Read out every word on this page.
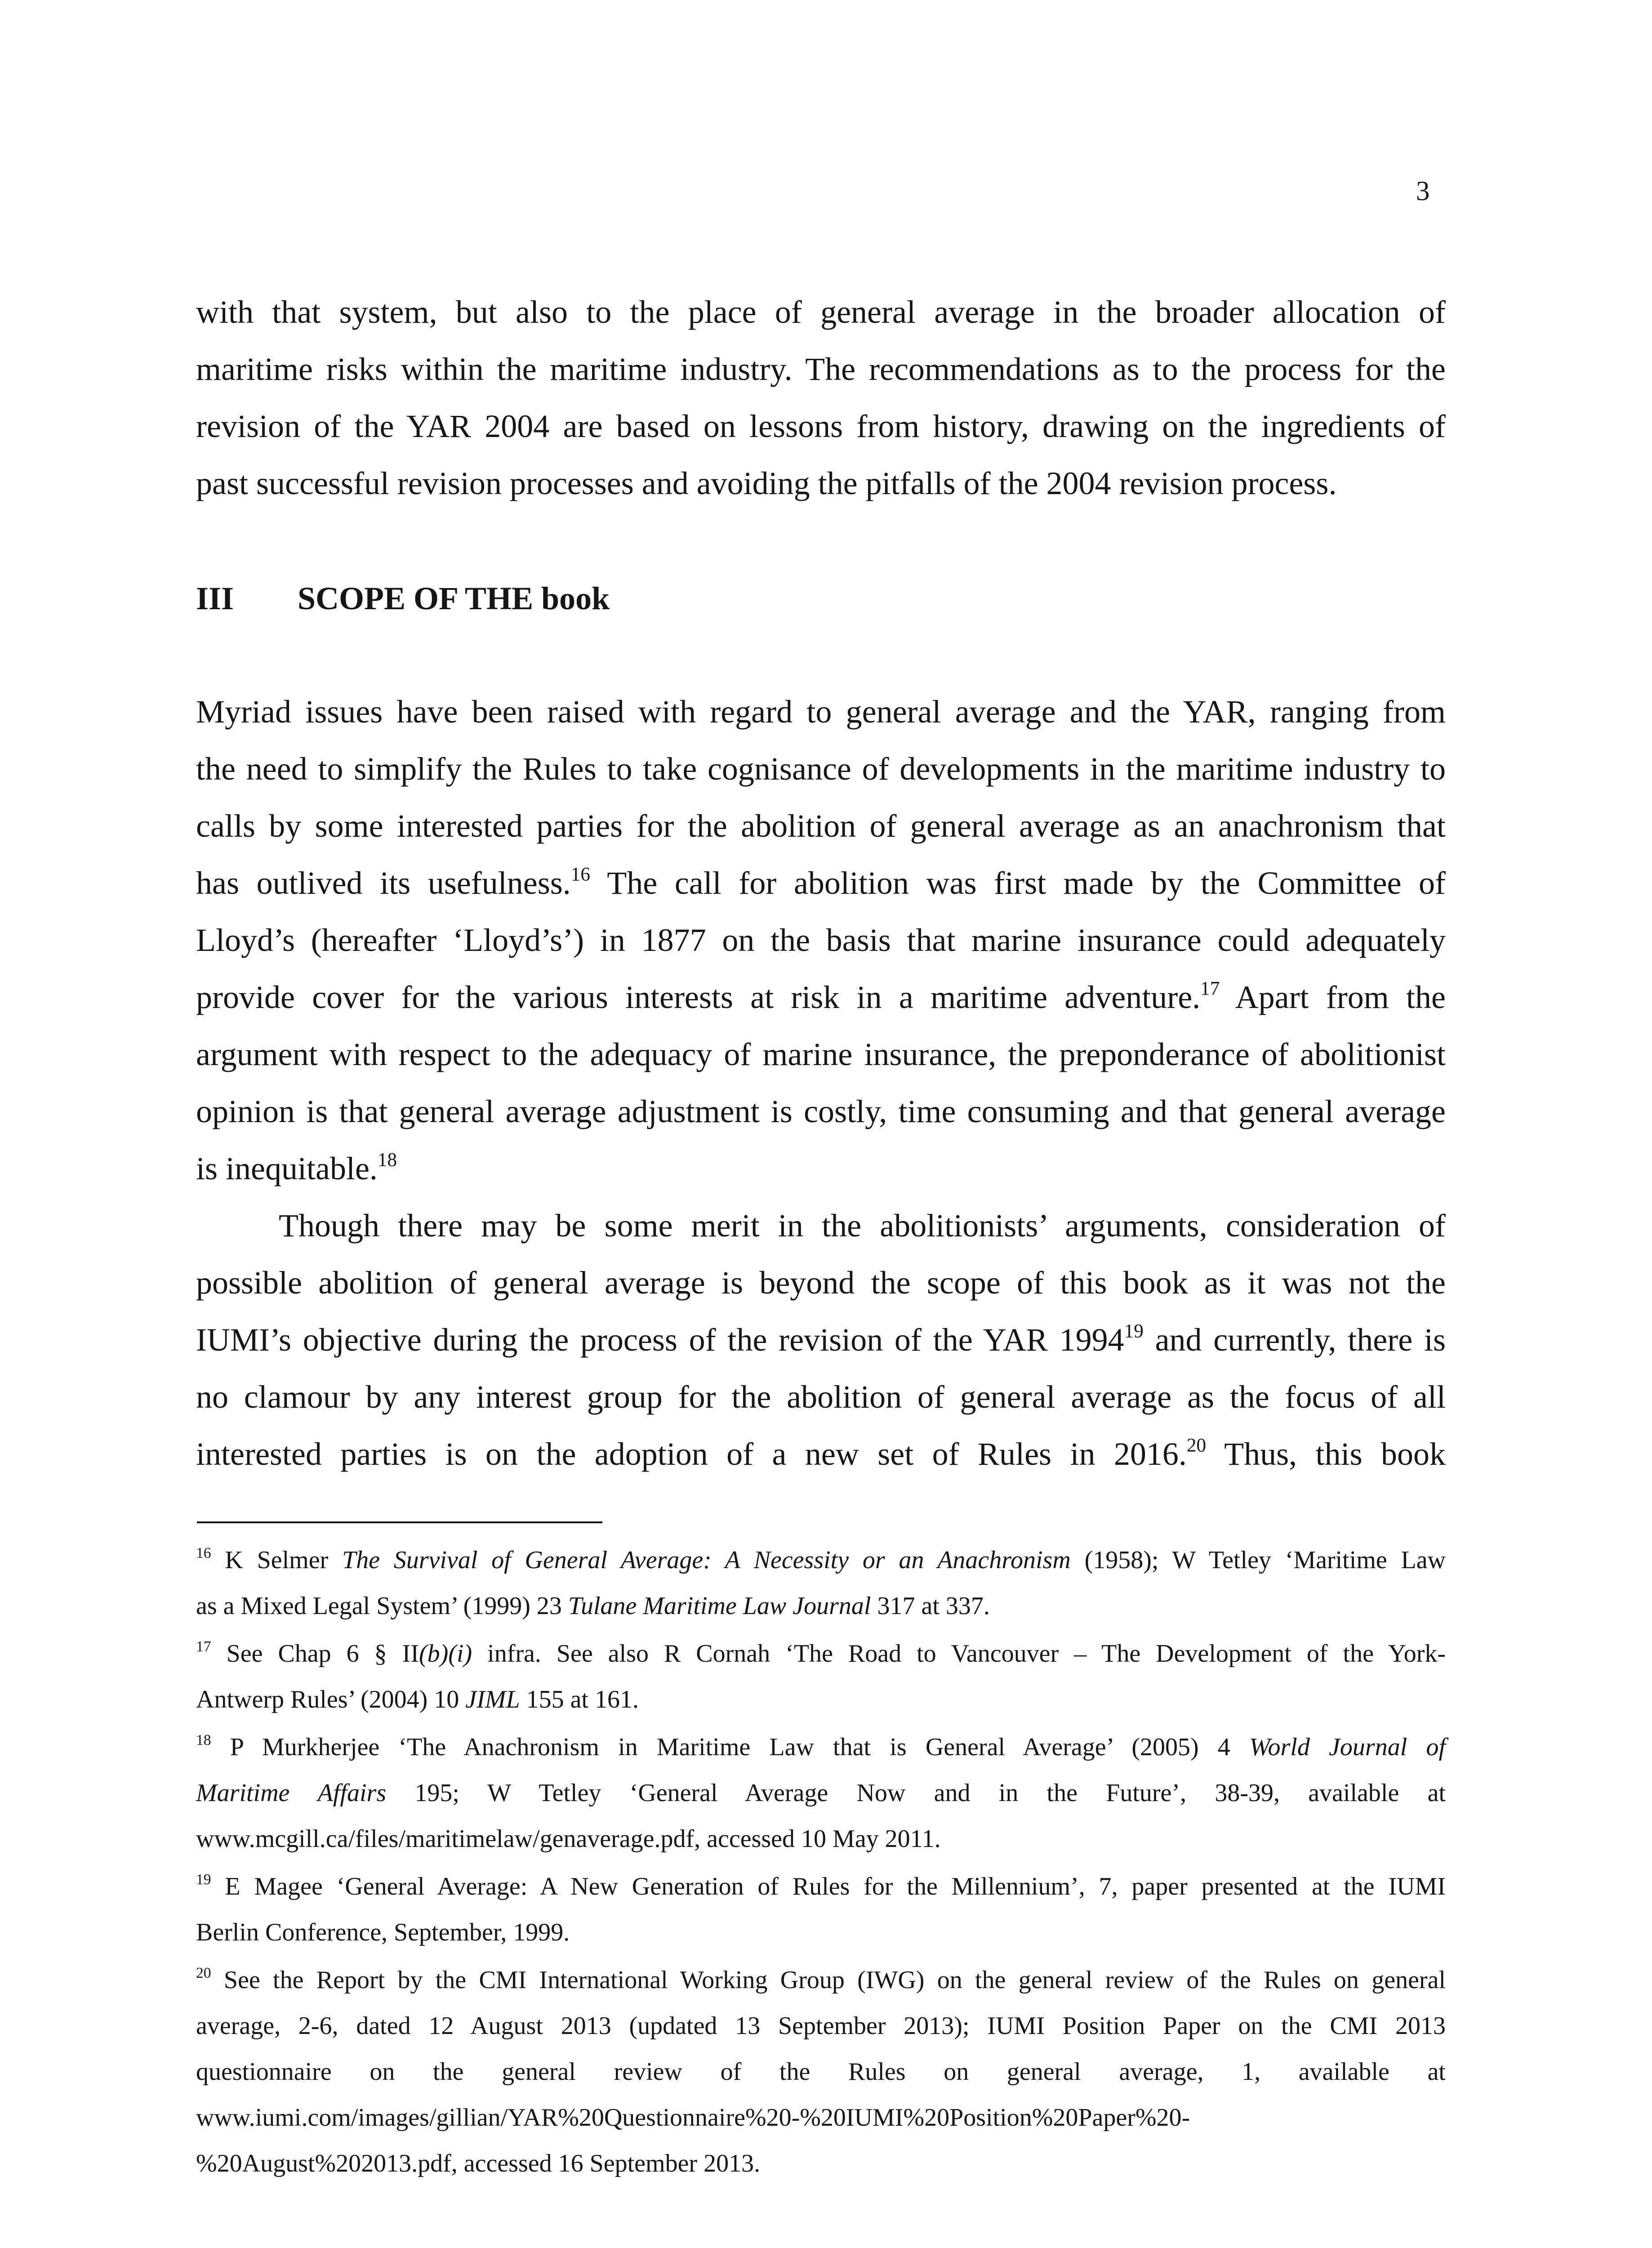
3
with that system, but also to the place of general average in the broader allocation of
maritime risks within the maritime industry. The recommendations as to the process for the
revision of the YAR 2004 are based on lessons from history, drawing on the ingredients of
past successful revision processes and avoiding the pitfalls of the 2004 revision process.
III SCOPE OF THE book
Myriad issues have been raised with regard to general average and the YAR, ranging from
the need to simplify the Rules to take cognisance of developments in the maritime industry to
calls by some interested parties for the abolition of general average as an anachronism that
has outlived its usefulness.$^{16}$ The call for abolition was first made by the Committee of
Lloyd’s (hereafter ‘Lloyd’s’) in 1877 on the basis that marine insurance could adequately
provide cover for the various interests at risk in a maritime adventure.$^{17}$ Apart from the
argument with respect to the adequacy of marine insurance, the preponderance of abolitionist
opinion is that general average adjustment is costly, time consuming and that general average
is inequitable.$^{18}$
Though there may be some merit in the abolitionists’ arguments, consideration of
possible abolition of general average is beyond the scope of this book as it was not the
IUMI’s objective during the process of the revision of the YAR 1994$^{19}$ and currently, there is
no clamour by any interest group for the abolition of general average as the focus of all
interested parties is on the adoption of a new set of Rules in 2016.20 Thus, this book
$^{16}$ K Selmer The Survival of General Average: A Necessity or an Anachronism (1958); W Tetley ‘Maritime Law
as a Mixed Legal System’ (1999) 23 Tulane Maritime Law Journal 317 at 337.
$^{17}$ See Chap 6 § II(b)(i) infra. See also R Cornah ‘The Road to Vancouver – The Development of the York-
Antwerp Rules’ (2004) 10 JIML 155 at 161.
$^{18}$ P Murkherjee ‘The Anachronism in Maritime Law that is General Average’ (2005) 4 World Journal of
Maritime Affairs 195; W Tetley ‘General Average Now and in the Future’, 38-39, available at
www.mcgill.ca/files/maritimelaw/genaverage.pdf, accessed 10 May 2011.
$^{19}$ E Magee ‘General Average: A New Generation of Rules for the Millennium’, 7, paper presented at the IUMI
Berlin Conference, September, 1999.
$^{20}$ See the Report by the CMI International Working Group (IWG) on the general review of the Rules on general
average, 2-6, dated 12 August 2013 (updated 13 September 2013); IUMI Position Paper on the CMI 2013
questionnaire on the general review of the Rules on general average, 1, available at
www.iumi.com/images/gillian/YAR%20Questionnaire%20-%20IUMI%20Position%20Paper%20-
%20August%202013.pdf, accessed 16 September 2013.
